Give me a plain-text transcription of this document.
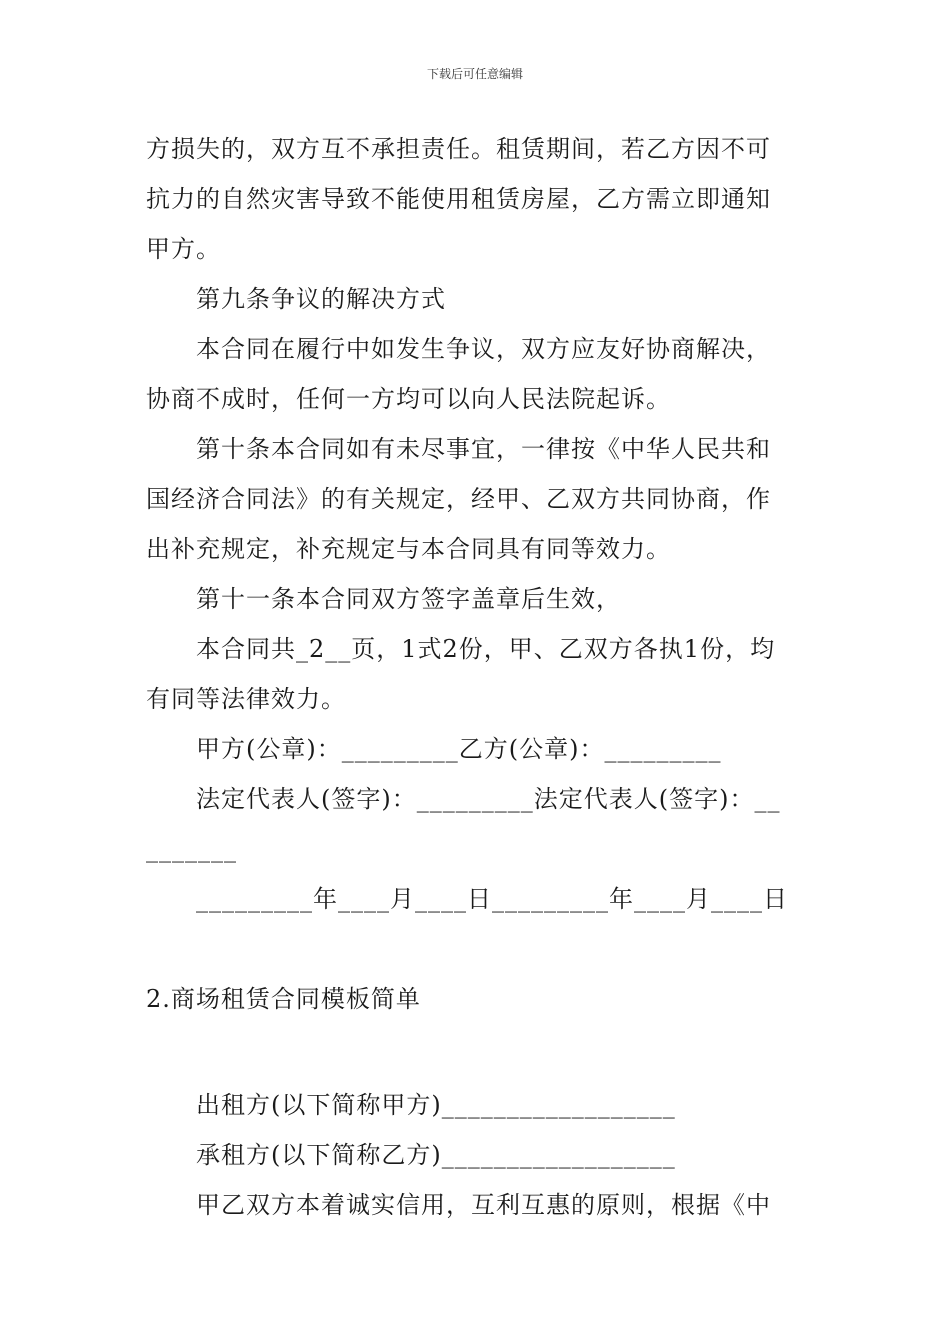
下载后可任意编辑

方损失的，双方互不承担责任。租赁期间，若乙方因不可

抗力的自然灾害导致不能使用租赁房屋，乙方需立即通知

甲方。

第九条争议的解决方式

本合同在履行中如发生争议，双方应友好协商解决，

协商不成时，任何一方均可以向人民法院起诉。

第十条本合同如有未尽事宜，一律按《中华人民共和

国经济合同法》的有关规定，经甲、乙双方共同协商，作

出补充规定，补充规定与本合同具有同等效力。

第十一条本合同双方签字盖章后生效，

本合同共_2__页，1式2份，甲、乙双方各执1份，均

有同等法律效力。

甲方(公章)：_________乙方(公章)：_________

法定代表人(签字)：_________法定代表人(签字)：__

_______

_________年____月____日_________年____月____日

2.商场租赁合同模板简单

出租方(以下简称甲方)__________________

承租方(以下简称乙方)__________________

甲乙双方本着诚实信用，互利互惠的原则，根据《中
